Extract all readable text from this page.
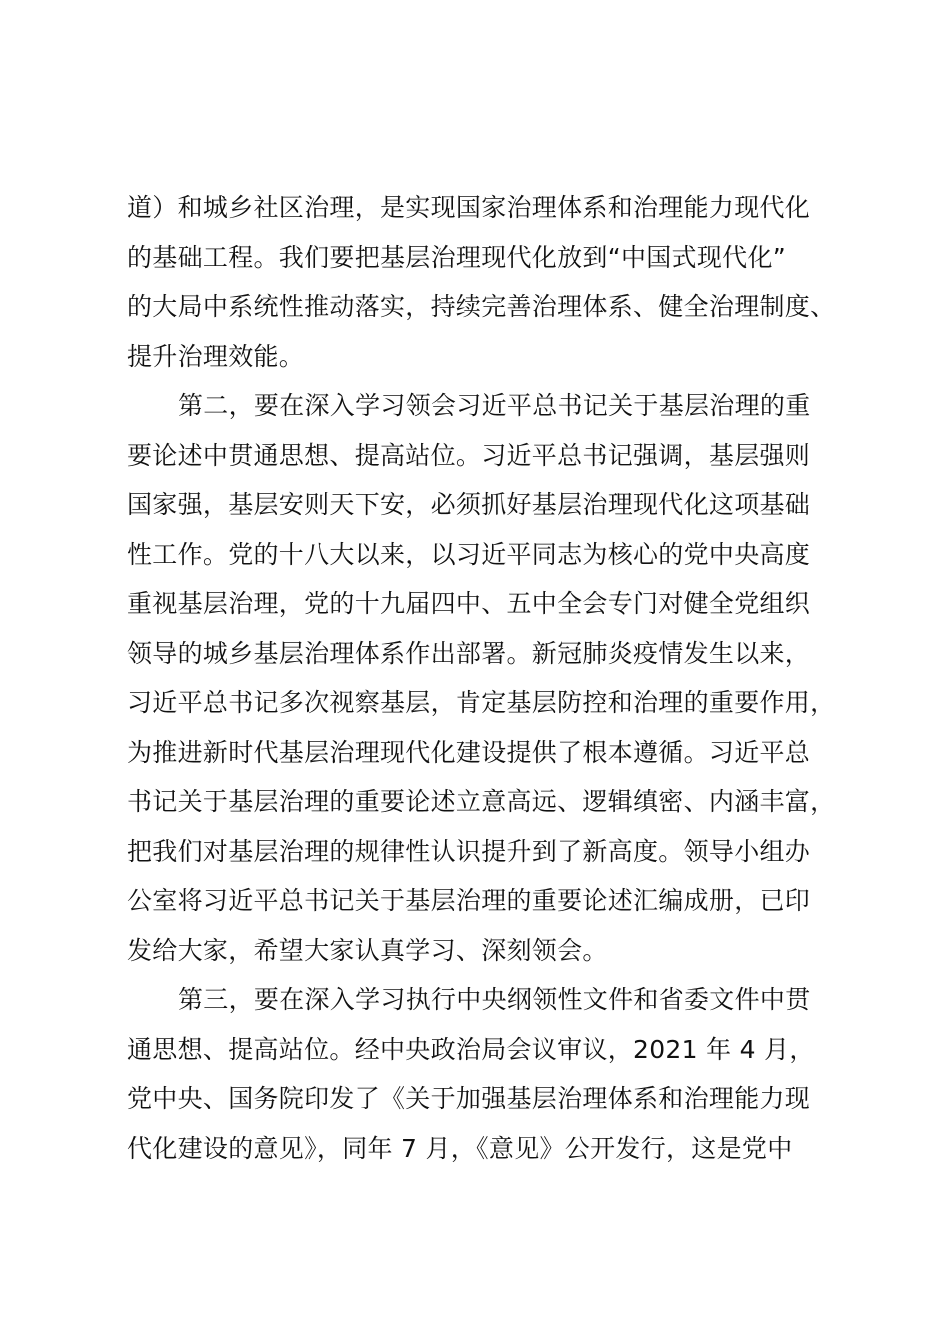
道）和城乡社区治理，是实现国家治理体系和治理能力现代化
的基础工程。我们要把基层治理现代化放到“中国式现代化”
的大局中系统性推动落实，持续完善治理体系、健全治理制度、
提升治理效能。
第二，要在深入学习领会习近平总书记关于基层治理的重
要论述中贯通思想、提高站位。习近平总书记强调，基层强则
国家强，基层安则天下安，必须抓好基层治理现代化这项基础
性工作。党的十八大以来，以习近平同志为核心的党中央高度
重视基层治理，党的十九届四中、五中全会专门对健全党组织
领导的城乡基层治理体系作出部署。新冠肺炎疫情发生以来，
习近平总书记多次视察基层，肯定基层防控和治理的重要作用，
为推进新时代基层治理现代化建设提供了根本遵循。习近平总
书记关于基层治理的重要论述立意高远、逻辑缜密、内涵丰富，
把我们对基层治理的规律性认识提升到了新高度。领导小组办
公室将习近平总书记关于基层治理的重要论述汇编成册，已印
发给大家，希望大家认真学习、深刻领会。
第三，要在深入学习执行中央纲领性文件和省委文件中贯
通思想、提高站位。经中央政治局会议审议，2021 年 4 月，
党中央、国务院印发了《关于加强基层治理体系和治理能力现
代化建设的意见》，同年 7 月，《意见》公开发行，这是党中
